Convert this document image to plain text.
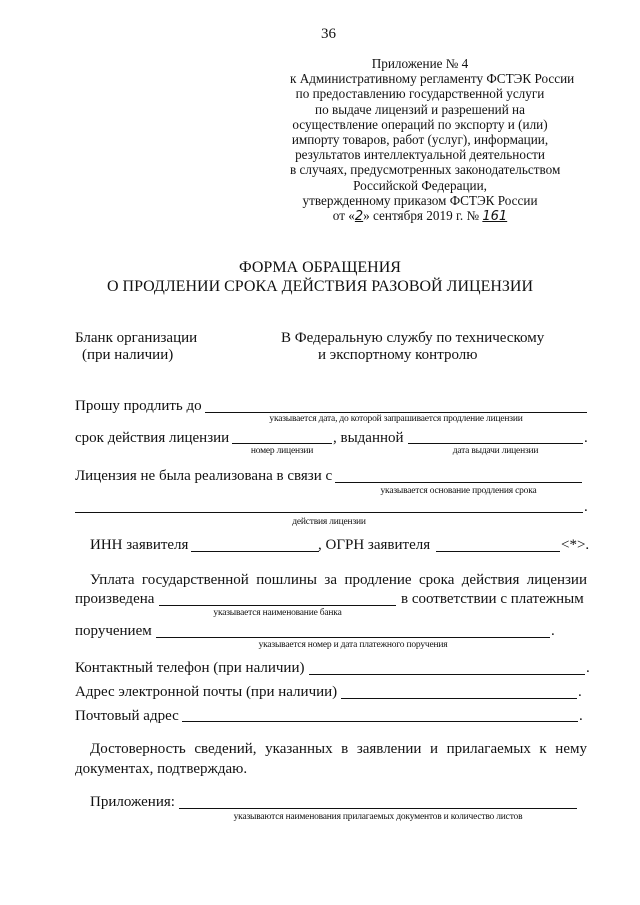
36
Приложение № 4
к Административному регламенту ФСТЭК России
по предоставлению государственной услуги
по выдаче лицензий и разрешений на
осуществление операций по экспорту и (или)
импорту товаров, работ (услуг), информации,
результатов интеллектуальной деятельности
в случаях, предусмотренных законодательством
Российской Федерации,
утвержденному приказом ФСТЭК России
от «2» сентября 2019 г. № 161
ФОРМА ОБРАЩЕНИЯ
О ПРОДЛЕНИИ СРОКА ДЕЙСТВИЯ РАЗОВОЙ ЛИЦЕНЗИИ
Бланк организации
(при наличии)
В Федеральную службу по техническому
и экспортному контролю
Прошу продлить до
указывается дата, до которой запрашивается продление лицензии
срок действия лицензии	, выданной	.
номер лицензии	дата выдачи лицензии
Лицензия не была реализована в связи с
указывается основание продления срока
.
действия лицензии
ИНН заявителя	, ОГРН заявителя	<*>.
Уплата государственной пошлины за продление срока действия лицензии
произведена	в соответствии с платежным
указывается наименование банка
поручением	.
указывается номер и дата платежного поручения
Контактный телефон (при наличии)	.
Адрес электронной почты (при наличии)	.
Почтовый адрес	.
Достоверность сведений, указанных в заявлении и прилагаемых к нему
документах, подтверждаю.
Приложения:
указываются наименования прилагаемых документов и количество листов
